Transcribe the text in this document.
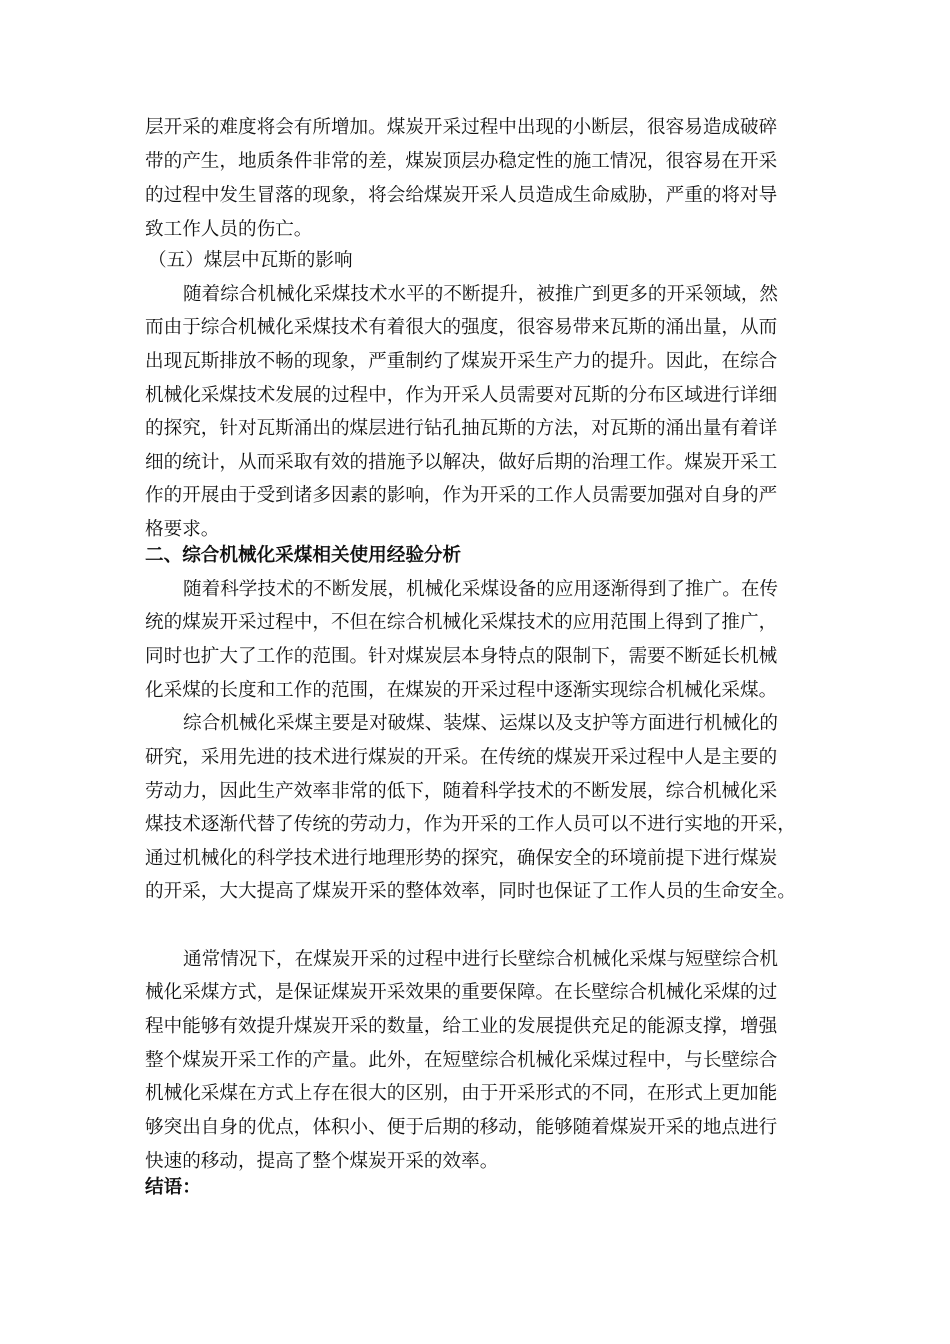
层开采的难度将会有所增加。煤炭开采过程中出现的小断层，很容易造成破碎
带的产生，地质条件非常的差，煤炭顶层办稳定性的施工情况，很容易在开采
的过程中发生冒落的现象，将会给煤炭开采人员造成生命威胁，严重的将对导
致工作人员的伤亡。
（五）煤层中瓦斯的影响
随着综合机械化采煤技术水平的不断提升，被推广到更多的开采领域，然
而由于综合机械化采煤技术有着很大的强度，很容易带来瓦斯的涌出量，从而
出现瓦斯排放不畅的现象，严重制约了煤炭开采生产力的提升。因此，在综合
机械化采煤技术发展的过程中，作为开采人员需要对瓦斯的分布区域进行详细
的探究，针对瓦斯涌出的煤层进行钻孔抽瓦斯的方法，对瓦斯的涌出量有着详
细的统计，从而采取有效的措施予以解决，做好后期的治理工作。煤炭开采工
作的开展由于受到诸多因素的影响，作为开采的工作人员需要加强对自身的严
格要求。
二、综合机械化采煤相关使用经验分析
随着科学技术的不断发展，机械化采煤设备的应用逐渐得到了推广。在传
统的煤炭开采过程中，不但在综合机械化采煤技术的应用范围上得到了推广，
同时也扩大了工作的范围。针对煤炭层本身特点的限制下，需要不断延长机械
化采煤的长度和工作的范围，在煤炭的开采过程中逐渐实现综合机械化采煤。
综合机械化采煤主要是对破煤、装煤、运煤以及支护等方面进行机械化的
研究，采用先进的技术进行煤炭的开采。在传统的煤炭开采过程中人是主要的
劳动力，因此生产效率非常的低下，随着科学技术的不断发展，综合机械化采
煤技术逐渐代替了传统的劳动力，作为开采的工作人员可以不进行实地的开采，
通过机械化的科学技术进行地理形势的探究，确保安全的环境前提下进行煤炭
的开采，大大提高了煤炭开采的整体效率，同时也保证了工作人员的生命安全。
通常情况下，在煤炭开采的过程中进行长壁综合机械化采煤与短壁综合机
械化采煤方式，是保证煤炭开采效果的重要保障。在长壁综合机械化采煤的过
程中能够有效提升煤炭开采的数量，给工业的发展提供充足的能源支撑，增强
整个煤炭开采工作的产量。此外，在短壁综合机械化采煤过程中，与长壁综合
机械化采煤在方式上存在很大的区别，由于开采形式的不同，在形式上更加能
够突出自身的优点，体积小、便于后期的移动，能够随着煤炭开采的地点进行
快速的移动，提高了整个煤炭开采的效率。
结语：
